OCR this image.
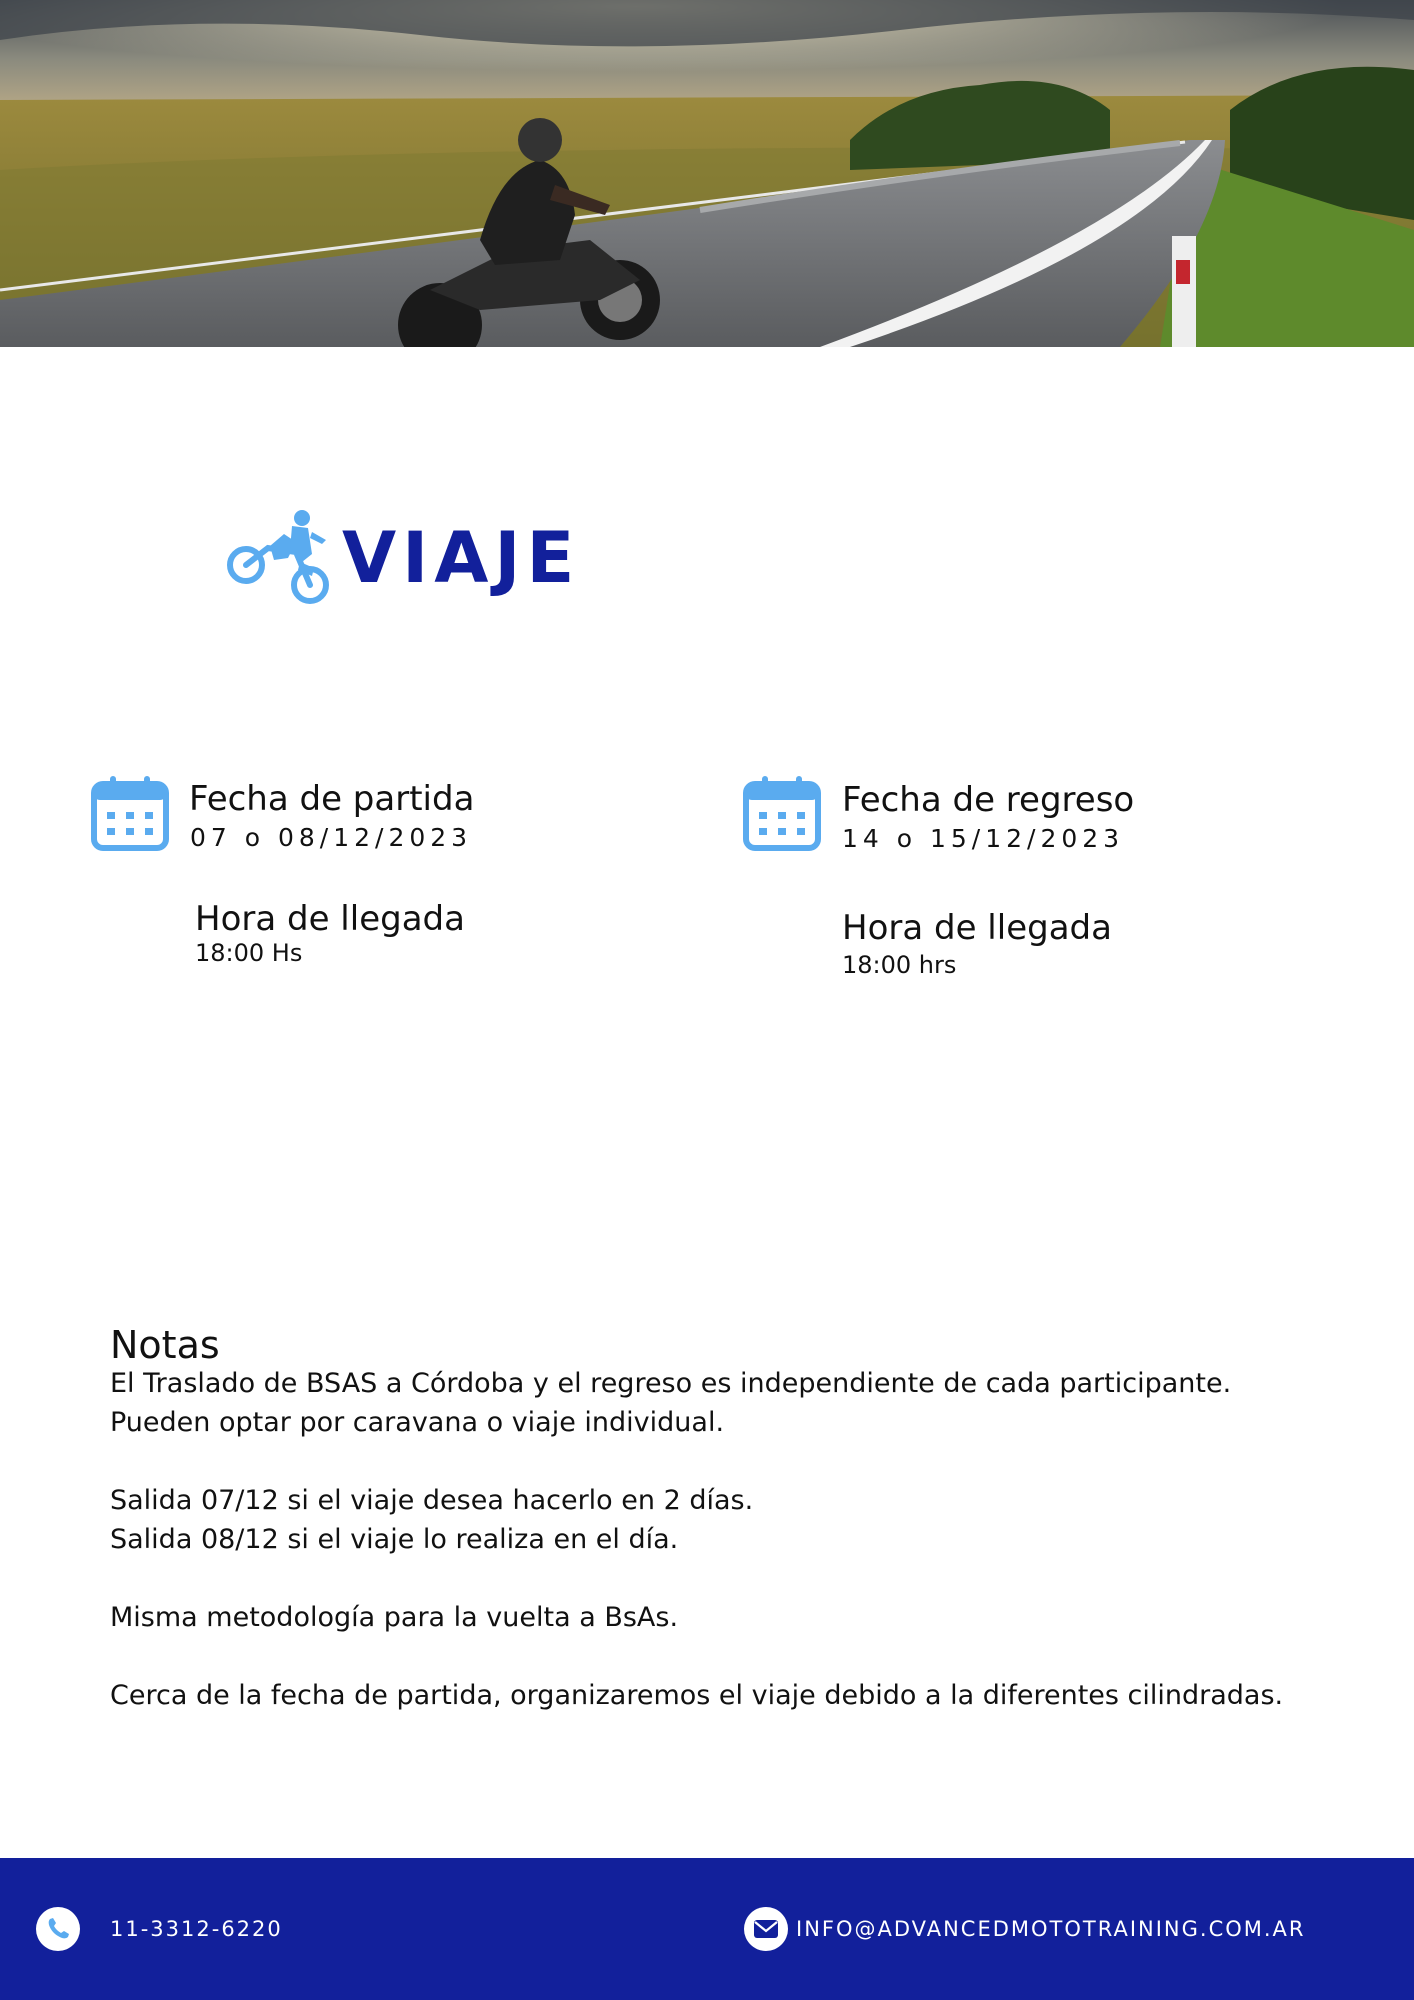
VIAJE
Fecha de partida
07 o 08/12/2023
Hora de llegada
18:00 Hs
Fecha de regreso
14 o 15/12/2023
Hora de llegada
18:00 hrs
Notas

El Traslado de BSAS a Córdoba y el regreso es independiente de cada participante. Pueden optar por caravana o viaje individual.

Salida 07/12 si el viaje desea hacerlo en 2 días.

Salida 08/12 si el viaje lo realiza en el día.

Misma metodología para la vuelta a BsAs.

Cerca de la fecha de partida, organizaremos el viaje debido a la diferentes cilindradas.

11-3312-6220	INFO@ADVANCEDMOTOTRAINING.COM.AR
